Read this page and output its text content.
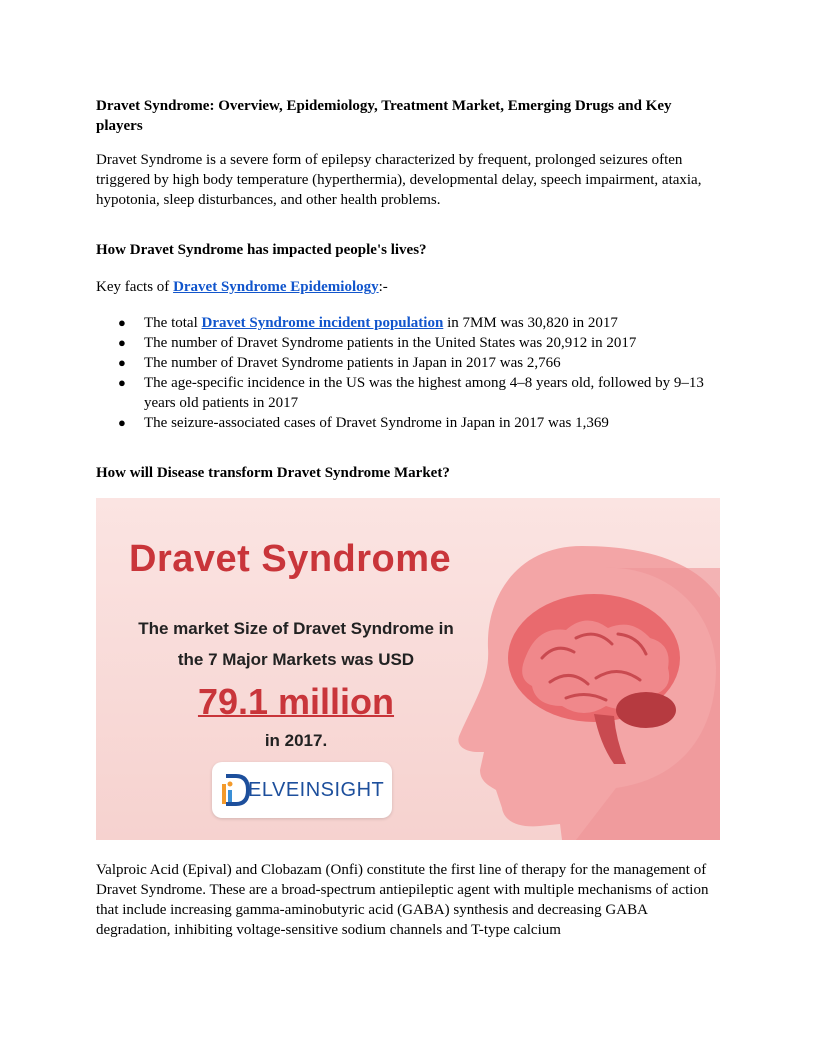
Dravet Syndrome: Overview, Epidemiology, Treatment Market, Emerging Drugs and Key players

Dravet Syndrome is a severe form of epilepsy characterized by frequent, prolonged seizures often triggered by high body temperature (hyperthermia), developmental delay, speech impairment, ataxia, hypotonia, sleep disturbances, and other health problems.

How Dravet Syndrome has impacted people's lives?

Key facts of Dravet Syndrome Epidemiology:-

● The total Dravet Syndrome incident population in 7MM was 30,820 in 2017
● The number of Dravet Syndrome patients in the United States was 20,912 in 2017
● The number of Dravet Syndrome patients in Japan in 2017 was 2,766
● The age-specific incidence in the US was the highest among 4–8 years old, followed by 9–13 years old patients in 2017
● The seizure-associated cases of Dravet Syndrome in Japan in 2017 was 1,369
How will Disease transform Dravet Syndrome Market?
Dravet Syndrome
The market Size of Dravet Syndrome in
the 7 Major Markets was USD
79.1 million
in 2017.
ELVEINSIGHT

Valproic Acid (Epival) and Clobazam (Onfi) constitute the first line of therapy for the management of Dravet Syndrome. These are a broad-spectrum antiepileptic agent with multiple mechanisms of action that include increasing gamma-aminobutyric acid (GABA) synthesis and decreasing GABA degradation, inhibiting voltage-sensitive sodium channels and T-type calcium
